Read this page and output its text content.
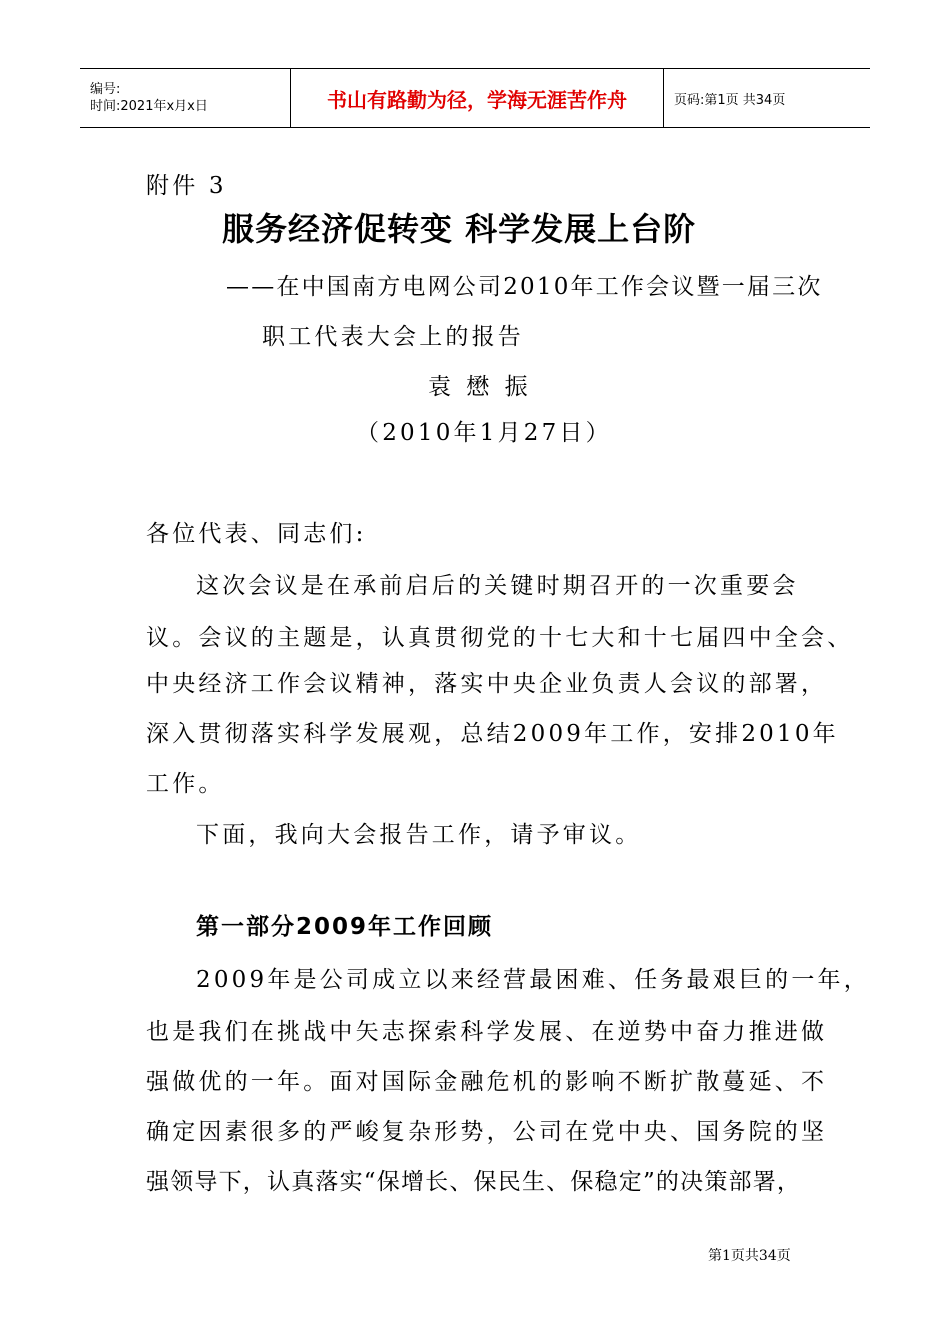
编号:
时间:2021年x月x日	书山有路勤为径，学海无涯苦作舟	页码:第1页 共34页
附件 3
服务经济促转变 科学发展上台阶
——在中国南方电网公司2010年工作会议暨一届三次
职工代表大会上的报告
袁 懋 振
（2010年1月27日）
各位代表、同志们:
这次会议是在承前启后的关键时期召开的一次重要会
议。会议的主题是，认真贯彻党的十七大和十七届四中全会、
中央经济工作会议精神，落实中央企业负责人会议的部署，
深入贯彻落实科学发展观，总结2009年工作，安排2010年
工作。
下面，我向大会报告工作，请予审议。
第一部分2009年工作回顾
2009年是公司成立以来经营最困难、任务最艰巨的一年，
也是我们在挑战中矢志探索科学发展、在逆势中奋力推进做
强做优的一年。面对国际金融危机的影响不断扩散蔓延、不
确定因素很多的严峻复杂形势，公司在党中央、国务院的坚
强领导下，认真落实“保增长、保民生、保稳定”的决策部署，
第1页共34页
